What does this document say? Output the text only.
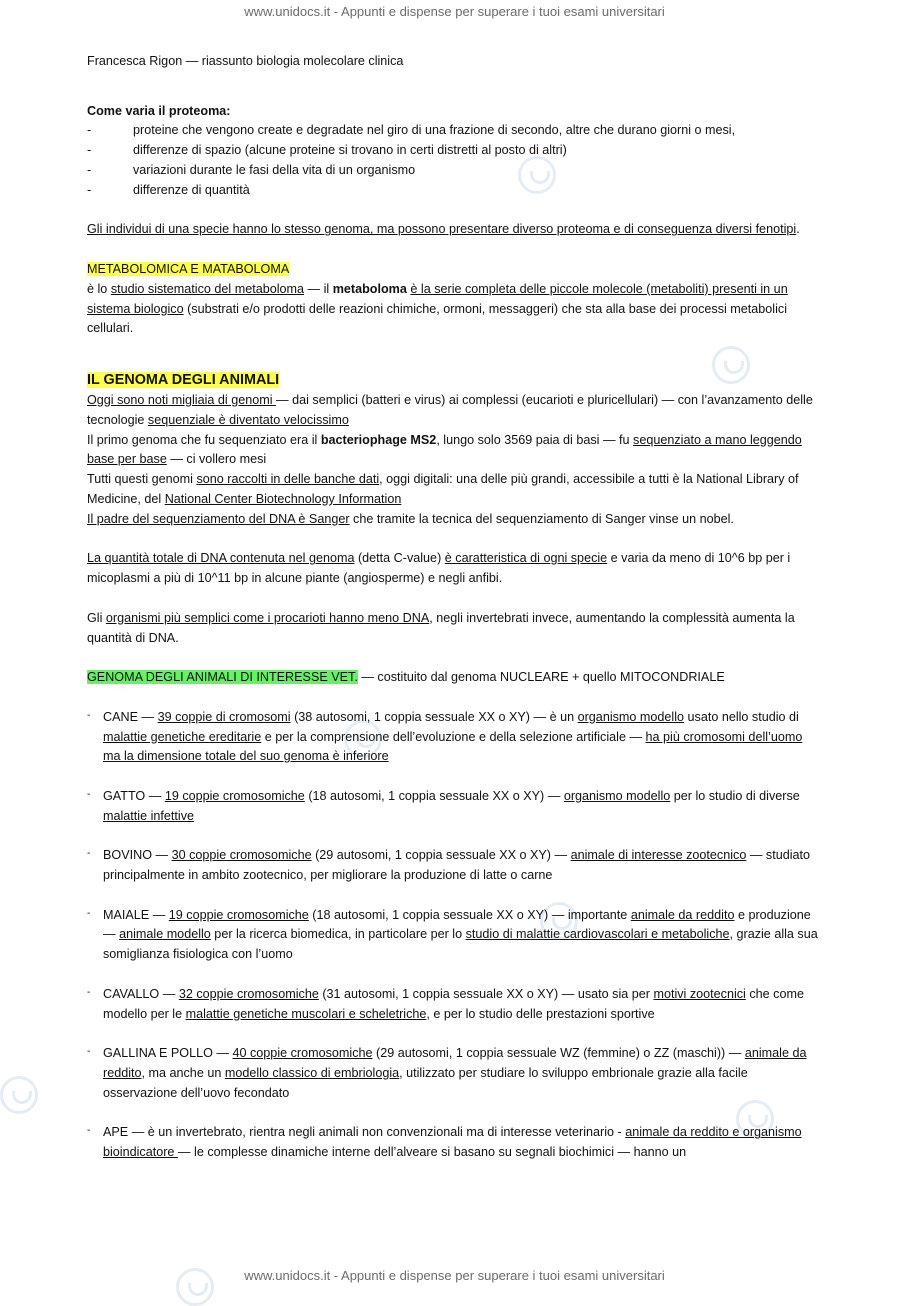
www.unidocs.it - Appunti e dispense per superare i tuoi esami universitari
www.unidocs.it - Appunti e dispense per superare i tuoi esami universitari

Francesca Rigon — riassunto biologia molecolare clinica

Come varia il proteoma:

-	proteine che vengono create e degradate nel giro di una frazione di secondo, altre che durano giorni o mesi,
-	differenze di spazio (alcune proteine si trovano in certi distretti al posto di altri)
-	variazioni durante le fasi della vita di un organismo
-	differenze di quantità

Gli individui di una specie hanno lo stesso genoma, ma possono presentare diverso proteoma e di conseguenza diversi fenotipi.

METABOLOMICA E MATABOLOMA

è lo studio sistematico del metaboloma — il metaboloma è la serie completa delle piccole molecole (metaboliti) presenti in un sistema biologico (substrati e/o prodotti delle reazioni chimiche, ormoni, messaggeri) che sta alla base dei processi metabolici cellulari.

IL GENOMA DEGLI ANIMALI

Oggi sono noti migliaia di genomi — dai semplici (batteri e virus) ai complessi (eucarioti e pluricellulari) — con l’avanzamento delle tecnologie sequenziale è diventato velocissimo

Il primo genoma che fu sequenziato era il bacteriophage MS2, lungo solo 3569 paia di basi — fu sequenziato a mano leggendo base per base — ci vollero mesi

Tutti questi genomi sono raccolti in delle banche dati, oggi digitali: una delle più grandi, accessibile a tutti è la National Library of Medicine, del National Center Biotechnology Information

Il padre del sequenziamento del DNA è Sanger che tramite la tecnica del sequenziamento di Sanger vinse un nobel.

La quantità totale di DNA contenuta nel genoma (detta C-value) è caratteristica di ogni specie e varia da meno di 10^6 bp per i micoplasmi a più di 10^11 bp in alcune piante (angiosperme) e negli anfibi.

Gli organismi più semplici come i procarioti hanno meno DNA, negli invertebrati invece, aumentando la complessità aumenta la quantità di DNA.

GENOMA DEGLI ANIMALI DI INTERESSE VET. — costituito dal genoma NUCLEARE + quello MITOCONDRIALE

-	CANE — 39 coppie di cromosomi (38 autosomi, 1 coppia sessuale XX o XY) — è un organismo modello usato nello studio di malattie genetiche ereditarie e per la comprensione dell’evoluzione e della selezione artificiale — ha più cromosomi dell’uomo ma la dimensione totale del suo genoma è inferiore
-	GATTO — 19 coppie cromosomiche (18 autosomi, 1 coppia sessuale XX o XY) — organismo modello per lo studio di diverse malattie infettive
-	BOVINO — 30 coppie cromosomiche (29 autosomi, 1 coppia sessuale XX o XY) — animale di interesse zootecnico — studiato principalmente in ambito zootecnico, per migliorare la produzione di latte o carne
-	MAIALE — 19 coppie cromosomiche (18 autosomi, 1 coppia sessuale XX o XY) — importante animale da reddito e produzione — animale modello per la ricerca biomedica, in particolare per lo studio di malattie cardiovascolari e metaboliche, grazie alla sua somiglianza fisiologica con l’uomo
-	CAVALLO — 32 coppie cromosomiche (31 autosomi, 1 coppia sessuale XX o XY) — usato sia per motivi zootecnici che come modello per le malattie genetiche muscolari e scheletriche, e per lo studio delle prestazioni sportive
-	GALLINA E POLLO — 40 coppie cromosomiche (29 autosomi, 1 coppia sessuale WZ (femmine) o ZZ (maschi)) — animale da reddito, ma anche un modello classico di embriologia, utilizzato per studiare lo sviluppo embrionale grazie alla facile osservazione dell’uovo fecondato
-	APE — è un invertebrato, rientra negli animali non convenzionali ma di interesse veterinario - animale da reddito e organismo bioindicatore — le complesse dinamiche interne dell’alveare si basano su segnali biochimici — hanno un
